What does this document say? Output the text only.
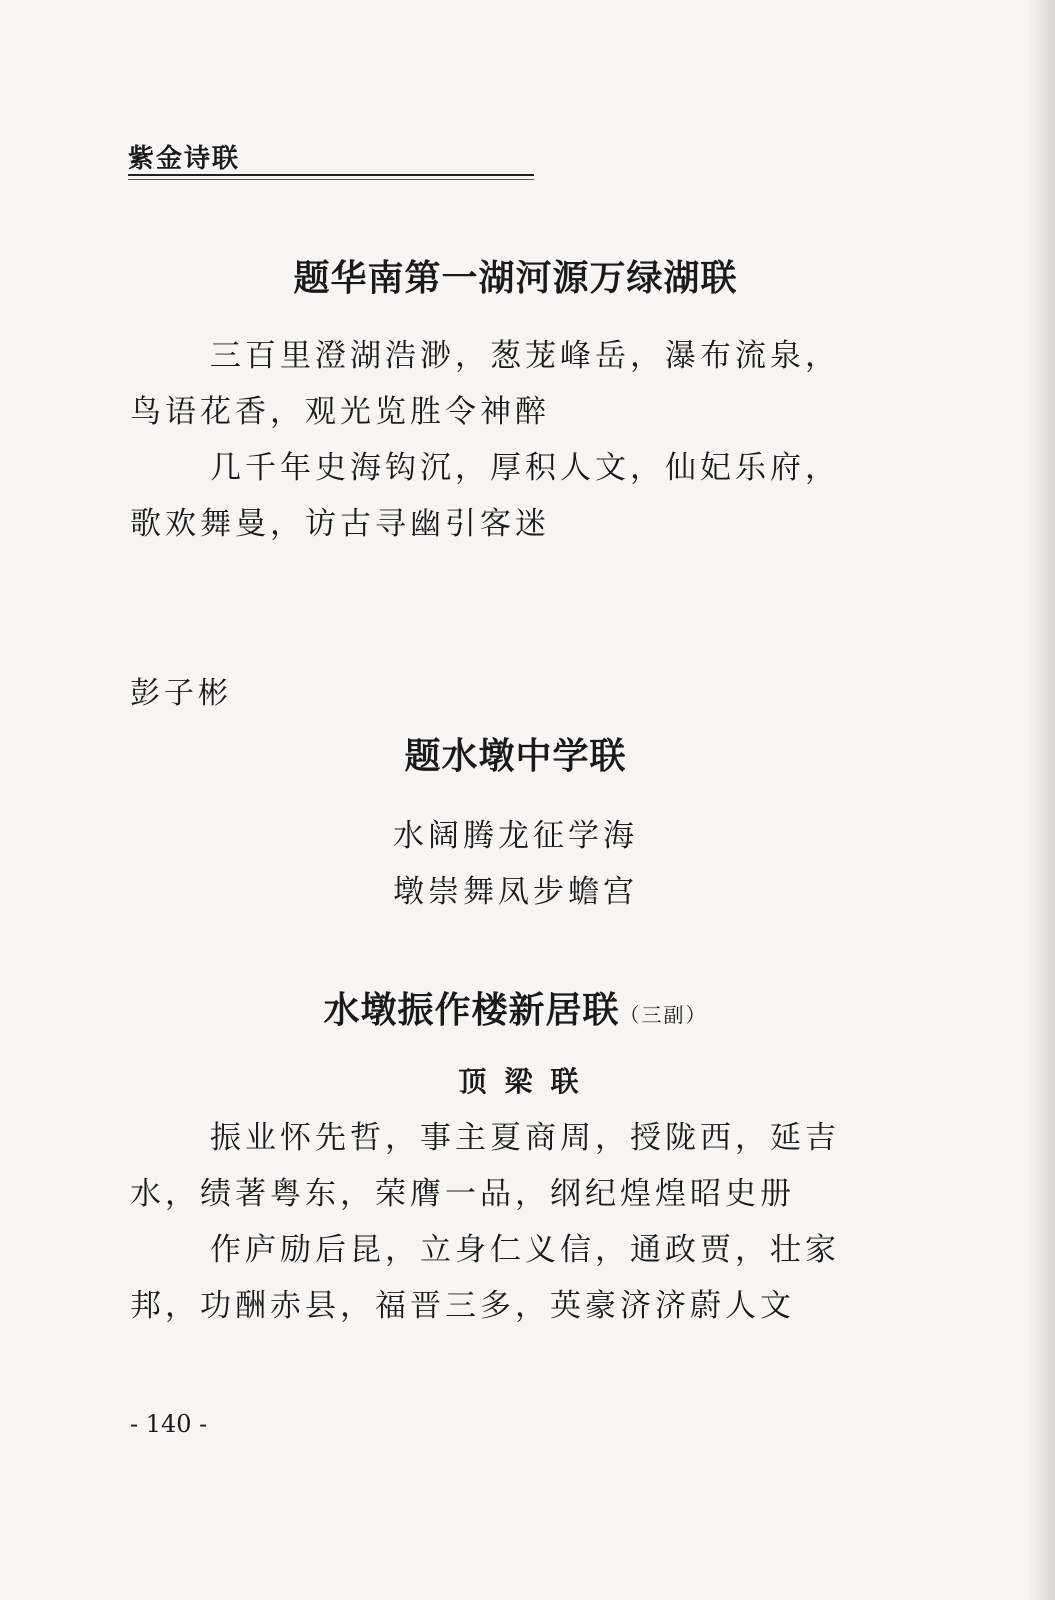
紫金诗联
题华南第一湖河源万绿湖联
三百里澄湖浩渺，葱茏峰岳，瀑布流泉，
鸟语花香，观光览胜令神醉
几千年史海钩沉，厚积人文，仙妃乐府，
歌欢舞曼，访古寻幽引客迷
彭子彬
题水墩中学联
水阔腾龙征学海
墩崇舞凤步蟾宫
水墩振作楼新居联（三副）
顶梁联
振业怀先哲，事主夏商周，授陇西，延吉
水，绩著粤东，荣膺一品，纲纪煌煌昭史册
作庐励后昆，立身仁义信，通政贾，壮家
邦，功酬赤县，福晋三多，英豪济济蔚人文
- 140 -
